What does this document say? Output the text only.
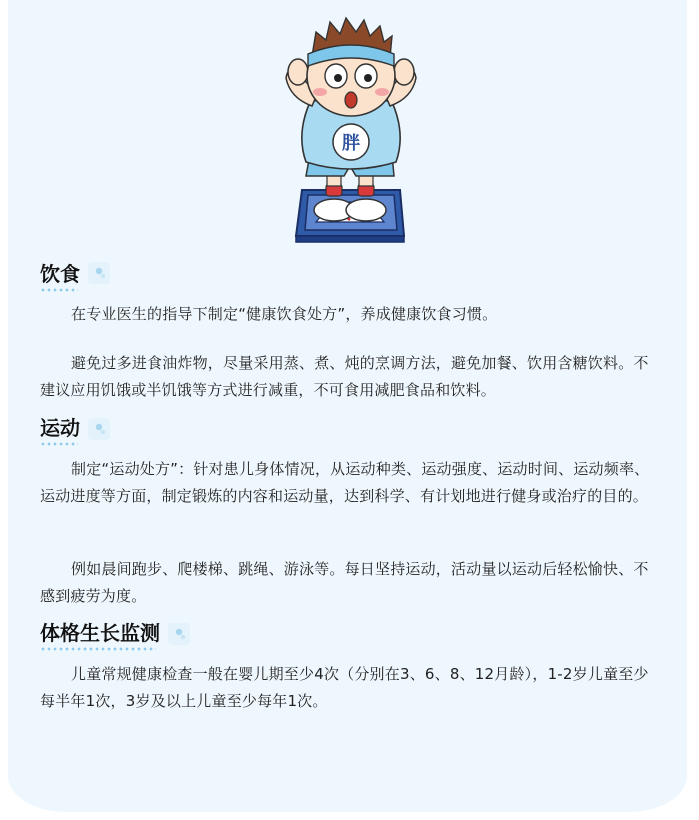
胖
饮食

在专业医生的指导下制定“健康饮食处方”，养成健康饮食习惯。

避免过多进食油炸物，尽量采用蒸、煮、炖的烹调方法，避免加餐、饮用含糖饮料。不建议应用饥饿或半饥饿等方式进行减重，不可食用减肥食品和饮料。

运动

制定“运动处方”：针对患儿身体情况，从运动种类、运动强度、运动时间、运动频率、运动进度等方面，制定锻炼的内容和运动量，达到科学、有计划地进行健身或治疗的目的。

例如晨间跑步、爬楼梯、跳绳、游泳等。每日坚持运动，活动量以运动后轻松愉快、不感到疲劳为度。

体格生长监测

儿童常规健康检查一般在婴儿期至少4次（分别在3、6、8、12月龄），1-2岁儿童至少每半年1次，3岁及以上儿童至少每年1次。
